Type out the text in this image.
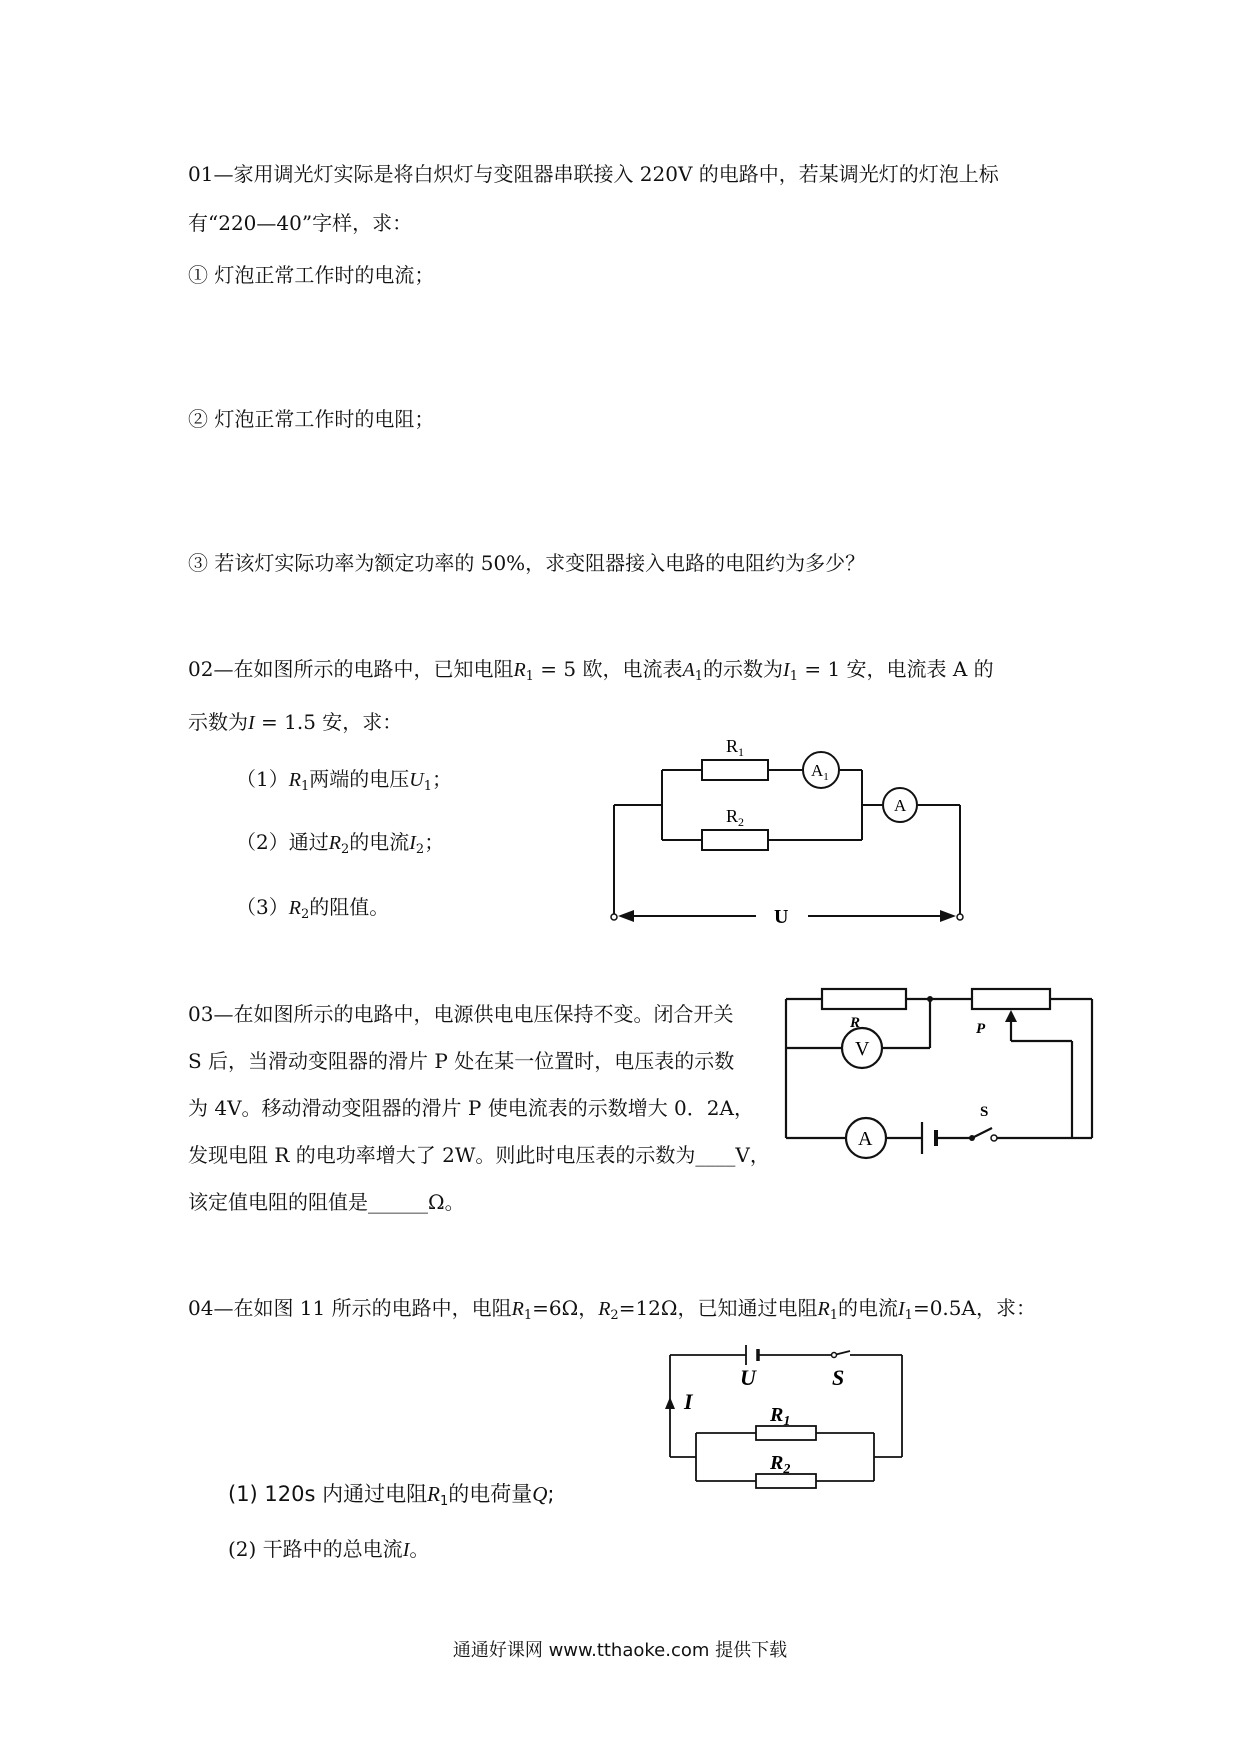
01—家用调光灯实际是将白炽灯与变阻器串联接入 220V 的电路中，若某调光灯的灯泡上标
有“220—40”字样，求：
① 灯泡正常工作时的电流；
② 灯泡正常工作时的电阻；
③ 若该灯实际功率为额定功率的 50%，求变阻器接入电路的电阻约为多少？
02—在如图所示的电路中，已知电阻$R_1 = 5$ 欧，电流表$A_1$的示数为$I_1 = 1$ 安，电流表 A 的
示数为I = 1.5 安，求：
$(1)R_1$两端的电压$U_1$；
（2）通过$R_2$的电流$I_2$；
$(3)R_2$的阻值。
$R_1$
$R_2$
$A_1$
A
U
03—在如图所示的电路中，电源供电电压保持不变。闭合开关
S 后，当滑动变阻器的滑片 P 处在某一位置时，电压表的示数
为 4V。移动滑动变阻器的滑片 P 使电流表的示数增大 0．2A，
发现电阻 R 的电功率增大了 2W。则此时电压表的示数为____V，
该定值电阻的阻值是______Ω。
R	P
V
A
S
04—在如图 11 所示的电路中，电阻$R_1=6\Omega$，$R_2=12\Omega$，已知通过电阻$R_1$的电流$I_1=0.5A$，求：
U	S
I
$R_1$
$R_2$
(1) 120s 内通过电阻$R_1$的电荷量Q;
(2) 干路中的总电流I。
通通好课网 www.tthaoke.com 提供下载
